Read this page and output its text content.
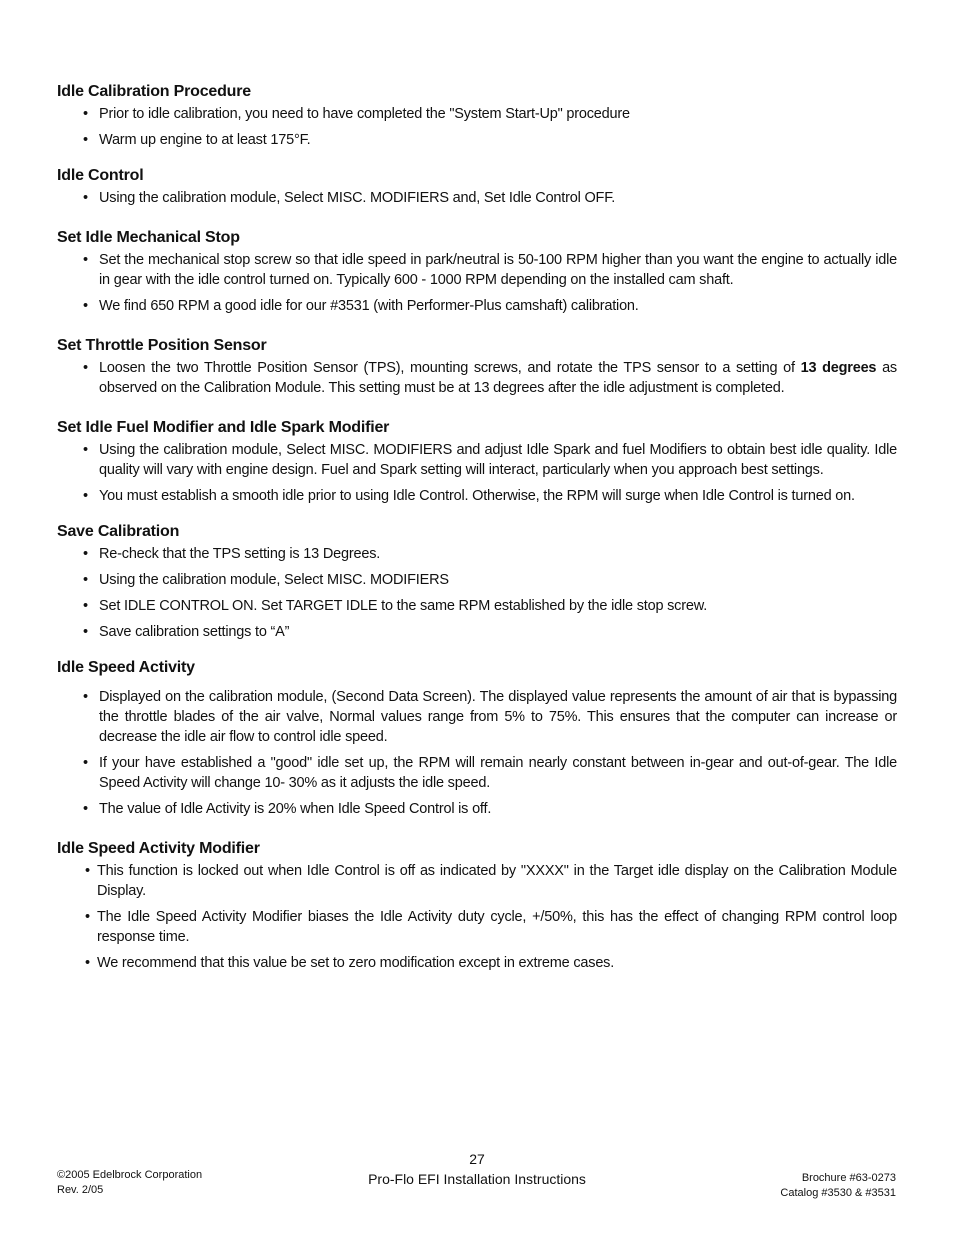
Idle Calibration Procedure
• Prior to idle calibration, you need to have completed the "System Start-Up" procedure
• Warm up engine to at least 175°F.
Idle Control
• Using the calibration module, Select MISC. MODIFIERS and, Set Idle Control OFF.
Set Idle Mechanical Stop
• Set the mechanical stop screw so that idle speed in park/neutral is 50-100 RPM higher than you want the engine to actually idle in gear with the idle control turned on. Typically 600 - 1000 RPM depending on the installed cam shaft.
• We find 650 RPM a good idle for our #3531 (with Performer-Plus camshaft) calibration.
Set Throttle Position Sensor
• Loosen the two Throttle Position Sensor (TPS), mounting screws, and rotate the TPS sensor to a setting of 13 degrees as observed on the Calibration Module. This setting must be at 13 degrees after the idle adjustment is completed.
Set Idle Fuel Modifier and Idle Spark Modifier
• Using the calibration module, Select MISC. MODIFIERS and adjust Idle Spark and fuel Modifiers to obtain best idle quality. Idle quality will vary with engine design. Fuel and Spark setting will interact, particularly when you approach best settings.
• You must establish a smooth idle prior to using Idle Control. Otherwise, the RPM will surge when Idle Control is turned on.
Save Calibration
• Re-check that the TPS setting is 13 Degrees.
• Using the calibration module, Select MISC. MODIFIERS
• Set IDLE CONTROL ON. Set TARGET IDLE to the same RPM established by the idle stop screw.
• Save calibration settings to “A”
Idle Speed Activity
• Displayed on the calibration module, (Second Data Screen). The displayed value represents the amount of air that is bypassing the throttle blades of the air valve, Normal values range from 5% to 75%. This ensures that the computer can increase or decrease the idle air flow to control idle speed.
• If your have established a "good" idle set up, the RPM will remain nearly constant between in-gear and out-of-gear. The Idle Speed Activity will change 10- 30% as it adjusts the idle speed.
• The value of Idle Activity is 20% when Idle Speed Control is off.
Idle Speed Activity Modifier
• This function is locked out when Idle Control is off as indicated by "XXXX" in the Target idle display on the Calibration Module Display.
• The Idle Speed Activity Modifier biases the Idle Activity duty cycle, +/50%, this has the effect of changing RPM control loop response time.
• We recommend that this value be set to zero modification except in extreme cases.
27
Pro-Flo EFI Installation Instructions
©2005 Edelbrock Corporation
Rev. 2/05
Brochure #63-0273
Catalog #3530 & #3531
